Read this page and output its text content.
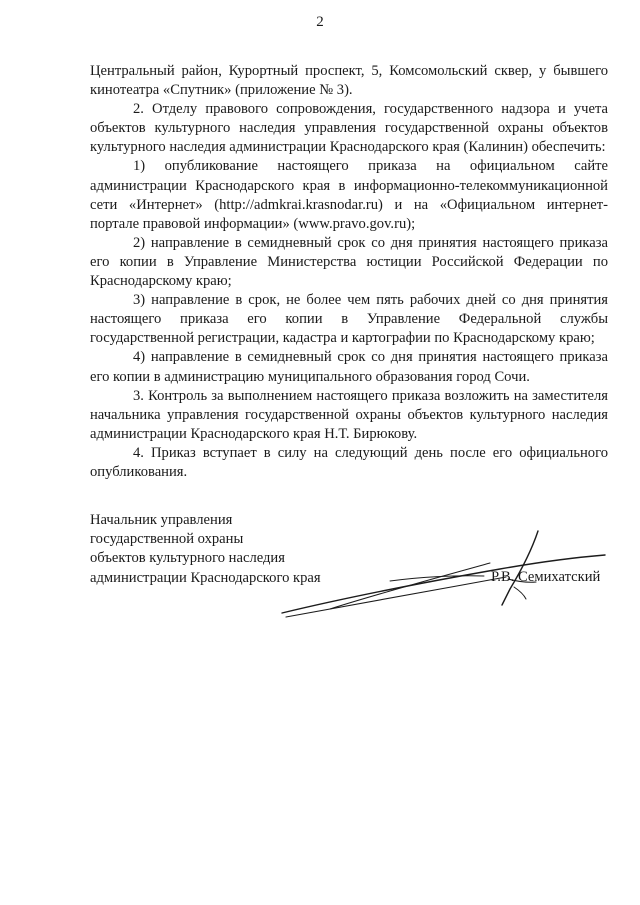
2

Центральный район, Курортный проспект, 5, Комсомольский сквер, у бывшего кинотеатра «Спутник» (приложение № 3).

2. Отделу правового сопровождения, государственного надзора и учета объектов культурного наследия управления государственной охраны объектов культурного наследия администрации Краснодарского края (Калинин) обеспечить:

1) опубликование настоящего приказа на официальном сайте администрации Краснодарского края в информационно-телекоммуникационной сети «Интернет» (http://admkrai.krasnodar.ru) и на «Официальном интернет-портале правовой информации» (www.pravo.gov.ru);

2) направление в семидневный срок со дня принятия настоящего приказа его копии в Управление Министерства юстиции Российской Федерации по Краснодарскому краю;

3) направление в срок, не более чем пять рабочих дней со дня принятия настоящего приказа его копии в Управление Федеральной службы государственной регистрации, кадастра и картографии по Краснодарскому краю;

4) направление в семидневный срок со дня принятия настоящего приказа его копии в администрацию муниципального образования город Сочи.

3. Контроль за выполнением настоящего приказа возложить на заместителя начальника управления государственной охраны объектов культурного наследия администрации Краснодарского края Н.Т. Бирюкову.

4. Приказ вступает в силу на следующий день после его официального опубликования.

Начальник управления
государственной охраны
объектов культурного наследия
администрации Краснодарского края	Р.В. Семихатский
